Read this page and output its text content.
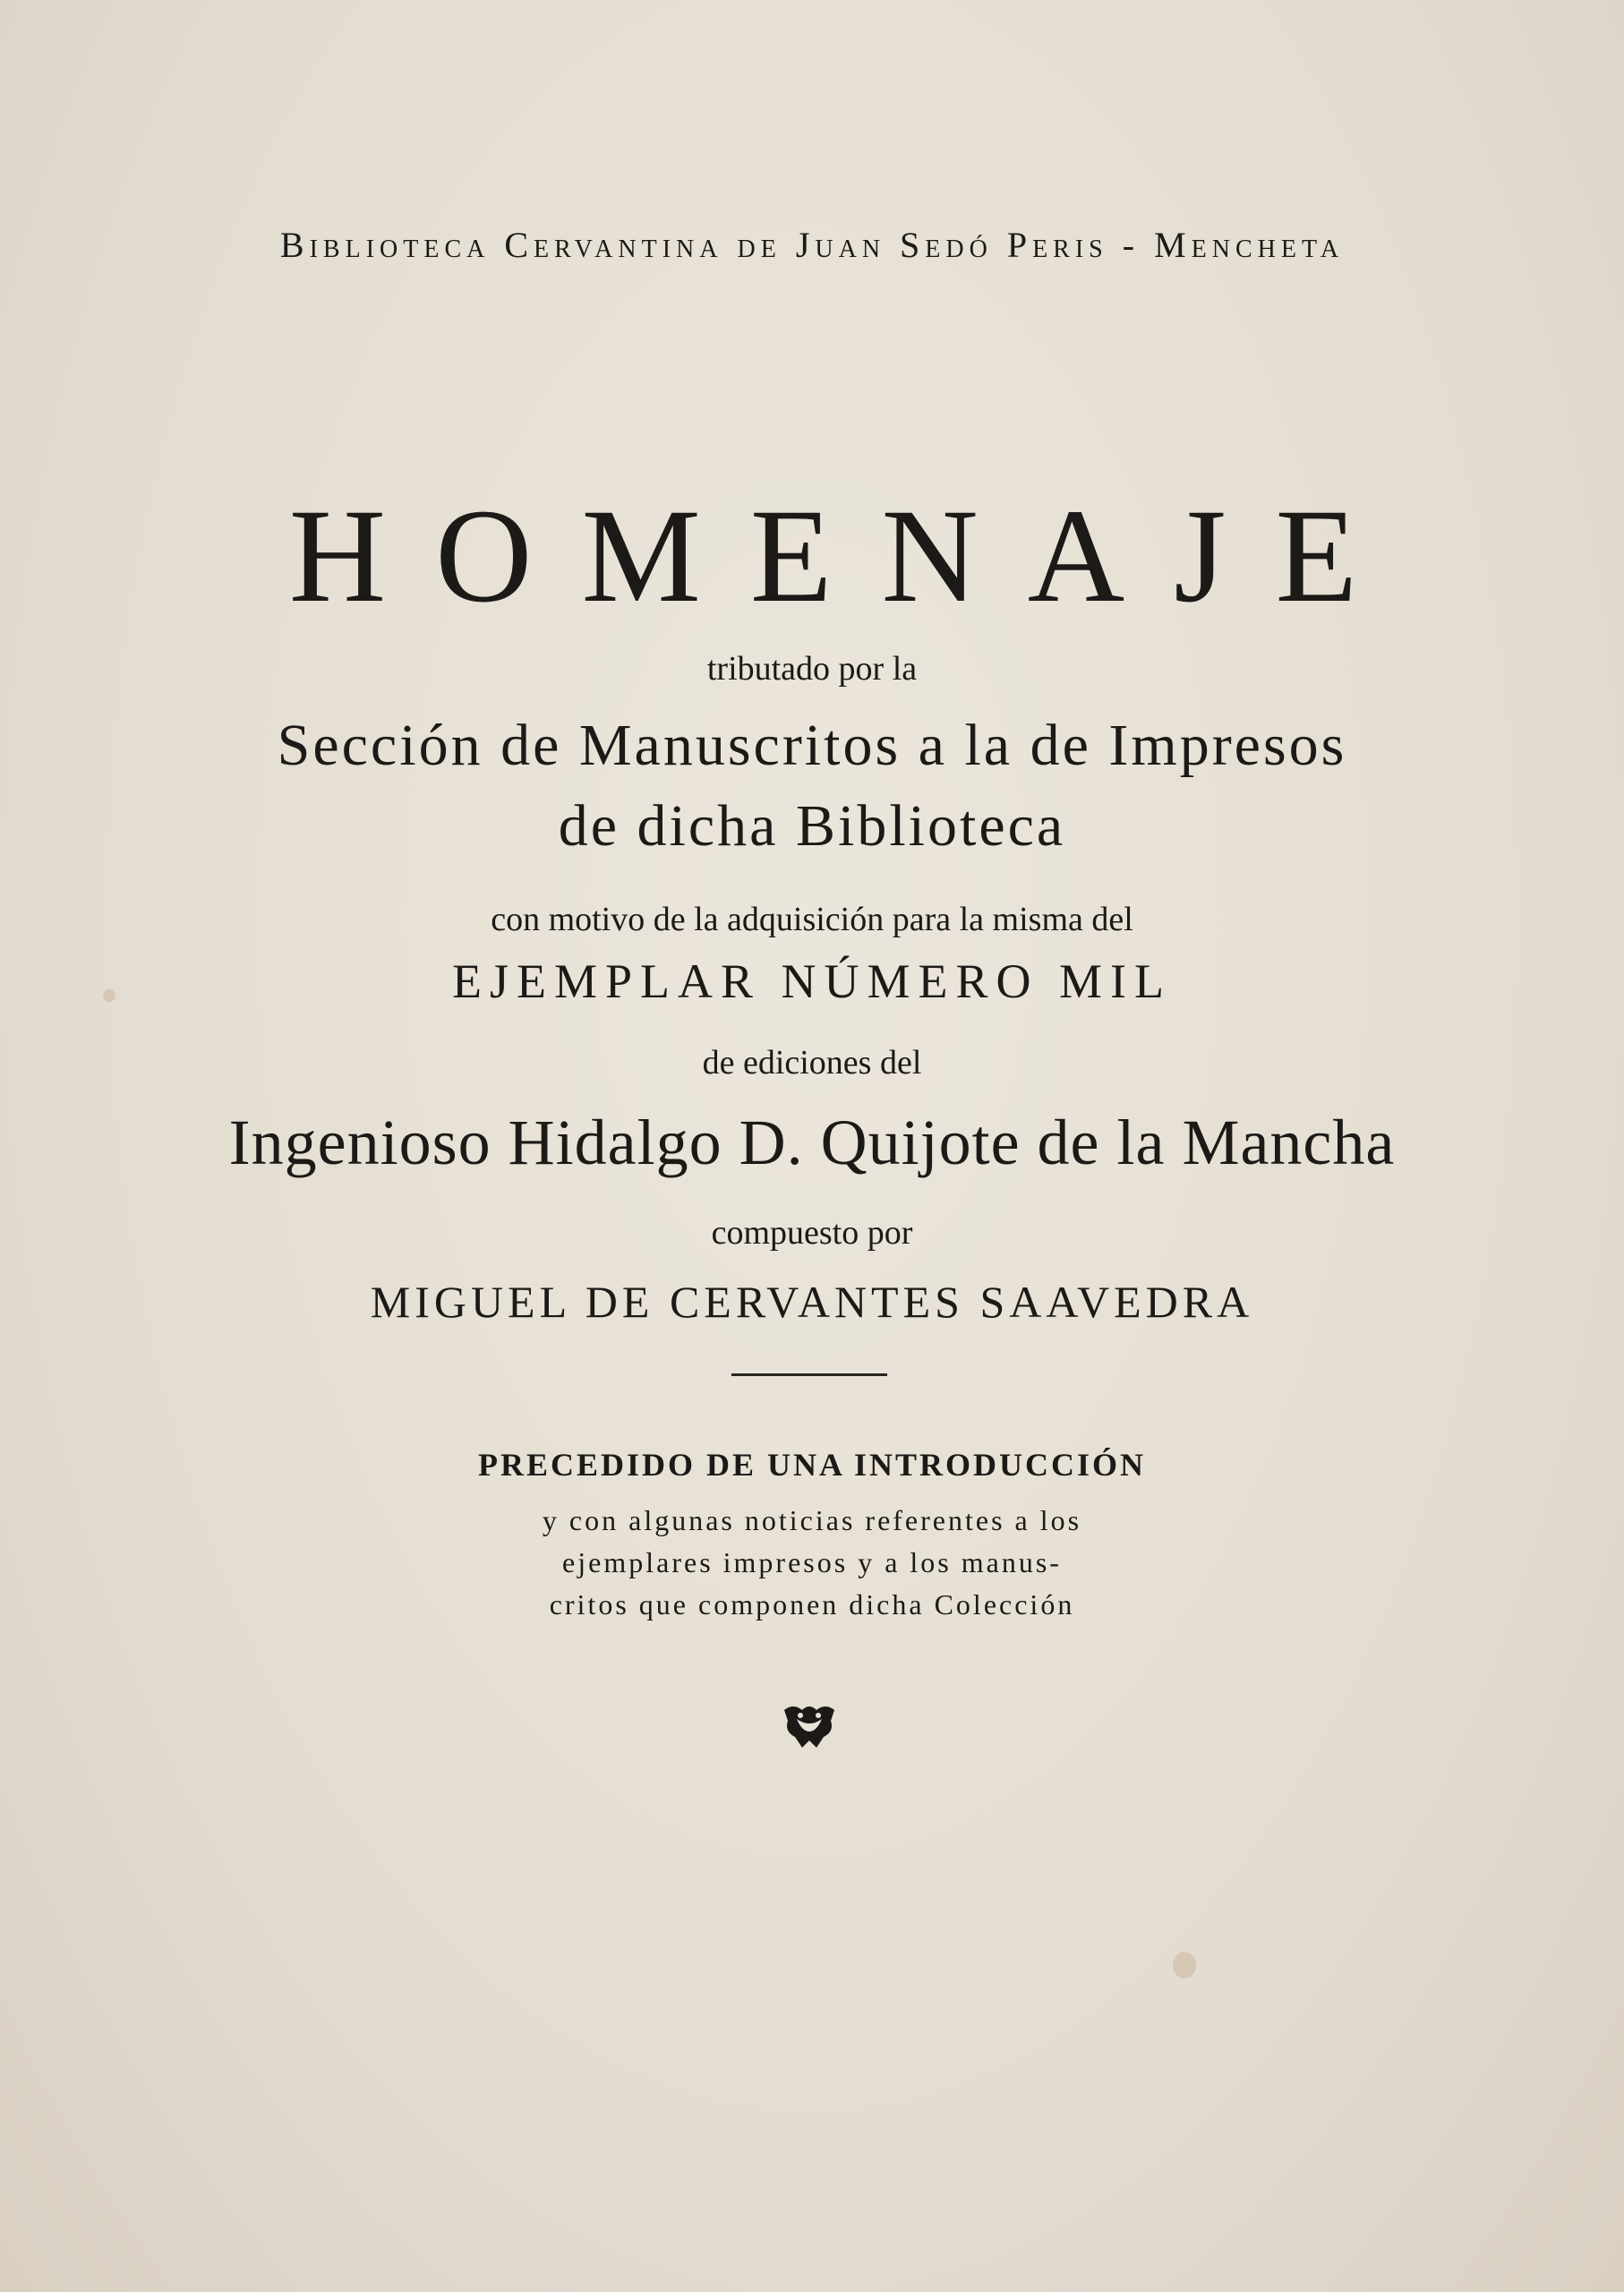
Biblioteca Cervantina de Juan Sedó Peris - Mencheta
HOMENAJE
tributado por la
Sección de Manuscritos a la de Impresos
de dicha Biblioteca
con motivo de la adquisición para la misma del
EJEMPLAR NÚMERO MIL
de ediciones del
Ingenioso Hidalgo D. Quijote de la Mancha
compuesto por
MIGUEL DE CERVANTES SAAVEDRA
PRECEDIDO DE UNA INTRODUCCIÓN
y con algunas noticias referentes a los
ejemplares impresos y a los manus-
critos que componen dicha Colección
